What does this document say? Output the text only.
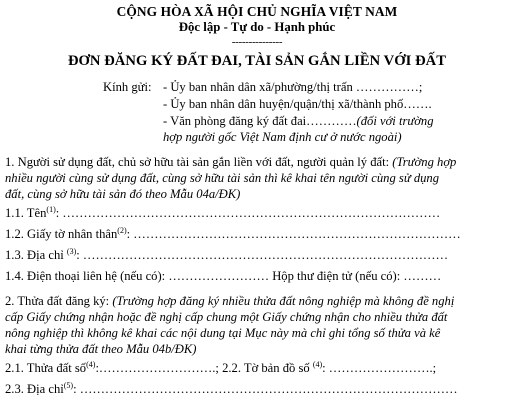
CỘNG HÒA XÃ HỘI CHỦ NGHĨA VIỆT NAM
Độc lập - Tự do - Hạnh phúc
---------------
ĐƠN ĐĂNG KÝ ĐẤT ĐAI, TÀI SẢN GẮN LIỀN VỚI ĐẤT
Kính gửi: - Ủy ban nhân dân xã/phường/thị trấn ……………;
- Ủy ban nhân dân huyện/quận/thị xã/thành phố…….
- Văn phòng đăng ký đất đai…………(đối với trường
hợp người gốc Việt Nam định cư ở nước ngoài)
1. Người sử dụng đất, chủ sở hữu tài sản gắn liền với đất, người quản lý đất: (Trường hợp
nhiều người cùng sử dụng đất, cùng sở hữu tài sản thì kê khai tên người cùng sử dụng
đất, cùng sở hữu tài sản đó theo Mẫu 04a/ĐK)
1.1. Tên$^{(1)}$: ………………………………………………………………………………
1.2. Giấy tờ nhân thân$^{(2)}$: ……………………………………………………………………
1.3. Địa chỉ $^{(3)}$: ……………………………………………………………………………
1.4. Điện thoại liên hệ (nếu có): …………………… Hộp thư điện tử (nếu có): ………
2. Thửa đất đăng ký: (Trường hợp đăng ký nhiều thửa đất nông nghiệp mà không đề nghị
cấp Giấy chứng nhận hoặc đề nghị cấp chung một Giấy chứng nhận cho nhiều thửa đất
nông nghiệp thì không kê khai các nội dung tại Mục này mà chỉ ghi tổng số thửa và kê
khai từng thửa đất theo Mẫu 04b/ĐK)
2.1. Thửa đất số$^{(4)}$:……………………….; 2.2. Tờ bản đồ số $^{(4)}$: …………………….;
2.3. Địa chỉ$^{(5)}$: ………………………………………………………………………………
